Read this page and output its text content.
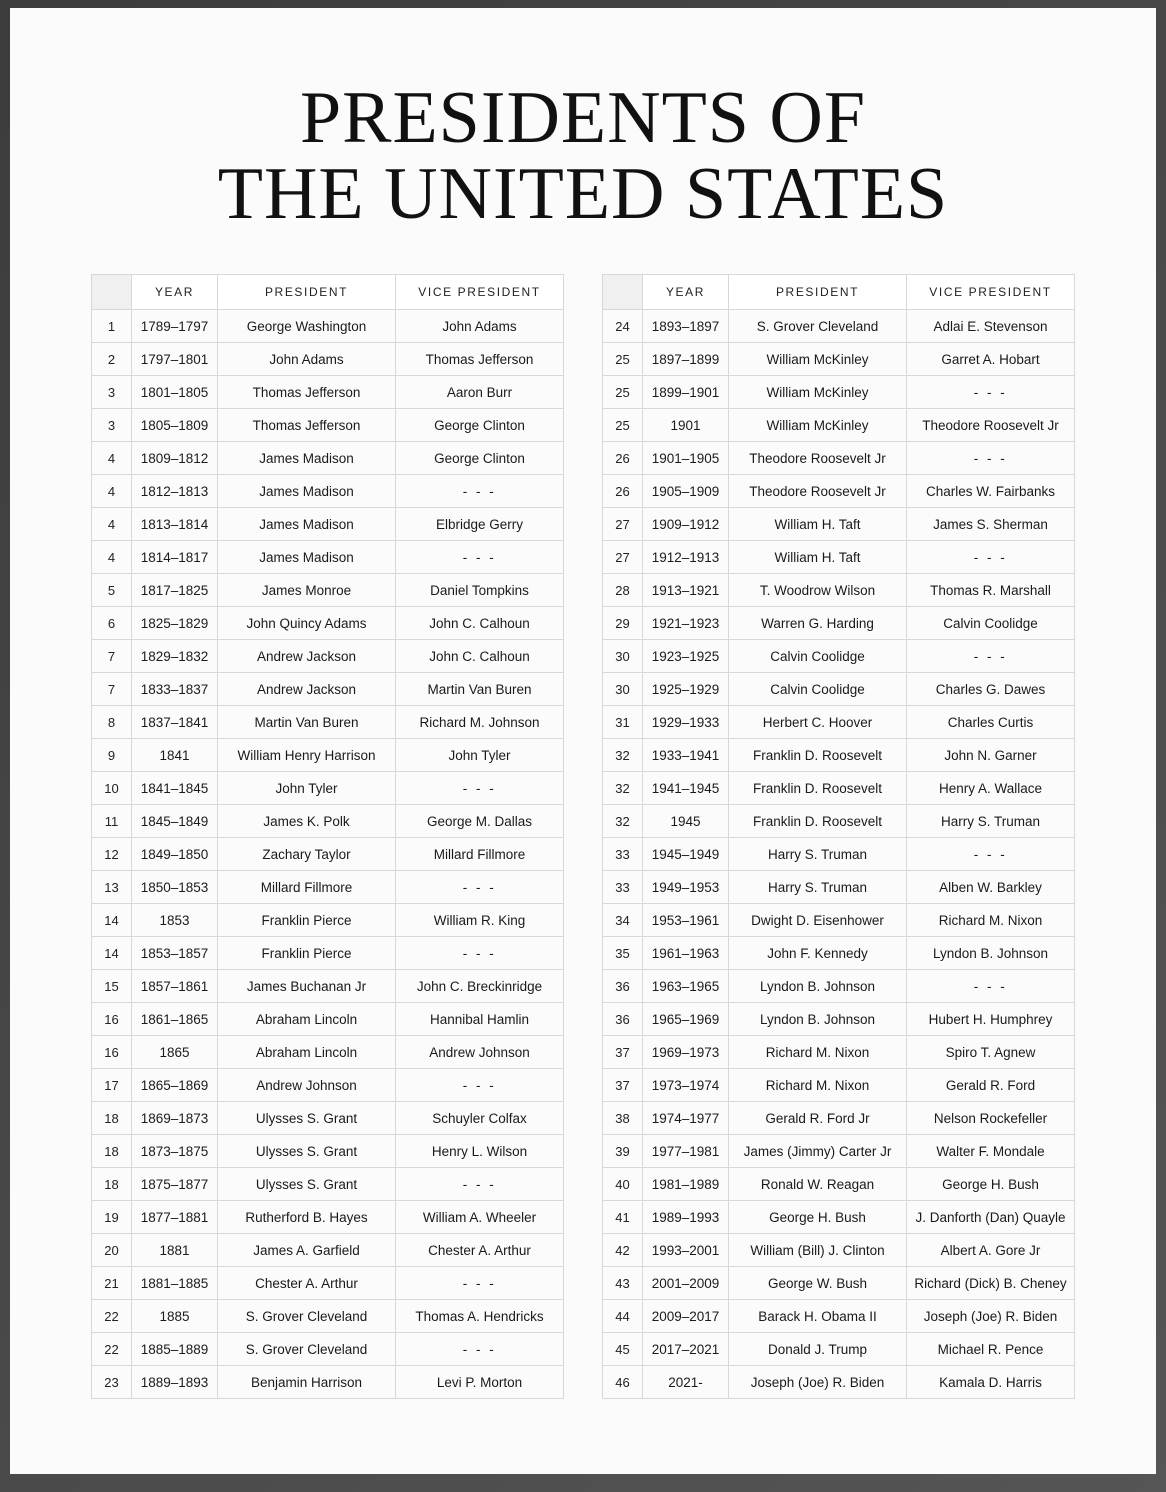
PRESIDENTS OF
THE UNITED STATES
	YEAR	PRESIDENT	VICE PRESIDENT
1	1789–1797	George Washington	John Adams
2	1797–1801	John Adams	Thomas Jefferson
3	1801–1805	Thomas Jefferson	Aaron Burr
3	1805–1809	Thomas Jefferson	George Clinton
4	1809–1812	James Madison	George Clinton
4	1812–1813	James Madison	- - -
4	1813–1814	James Madison	Elbridge Gerry
4	1814–1817	James Madison	- - -
5	1817–1825	James Monroe	Daniel Tompkins
6	1825–1829	John Quincy Adams	John C. Calhoun
7	1829–1832	Andrew Jackson	John C. Calhoun
7	1833–1837	Andrew Jackson	Martin Van Buren
8	1837–1841	Martin Van Buren	Richard M. Johnson
9	1841	William Henry Harrison	John Tyler
10	1841–1845	John Tyler	- - -
11	1845–1849	James K. Polk	George M. Dallas
12	1849–1850	Zachary Taylor	Millard Fillmore
13	1850–1853	Millard Fillmore	- - -
14	1853	Franklin Pierce	William R. King
14	1853–1857	Franklin Pierce	- - -
15	1857–1861	James Buchanan Jr	John C. Breckinridge
16	1861–1865	Abraham Lincoln	Hannibal Hamlin
16	1865	Abraham Lincoln	Andrew Johnson
17	1865–1869	Andrew Johnson	- - -
18	1869–1873	Ulysses S. Grant	Schuyler Colfax
18	1873–1875	Ulysses S. Grant	Henry L. Wilson
18	1875–1877	Ulysses S. Grant	- - -
19	1877–1881	Rutherford B. Hayes	William A. Wheeler
20	1881	James A. Garfield	Chester A. Arthur
21	1881–1885	Chester A. Arthur	- - -
22	1885	S. Grover Cleveland	Thomas A. Hendricks
22	1885–1889	S. Grover Cleveland	- - -
23	1889–1893	Benjamin Harrison	Levi P. Morton
	YEAR	PRESIDENT	VICE PRESIDENT
24	1893–1897	S. Grover Cleveland	Adlai E. Stevenson
25	1897–1899	William McKinley	Garret A. Hobart
25	1899–1901	William McKinley	- - -
25	1901	William McKinley	Theodore Roosevelt Jr
26	1901–1905	Theodore Roosevelt Jr	- - -
26	1905–1909	Theodore Roosevelt Jr	Charles W. Fairbanks
27	1909–1912	William H. Taft	James S. Sherman
27	1912–1913	William H. Taft	- - -
28	1913–1921	T. Woodrow Wilson	Thomas R. Marshall
29	1921–1923	Warren G. Harding	Calvin Coolidge
30	1923–1925	Calvin Coolidge	- - -
30	1925–1929	Calvin Coolidge	Charles G. Dawes
31	1929–1933	Herbert C. Hoover	Charles Curtis
32	1933–1941	Franklin D. Roosevelt	John N. Garner
32	1941–1945	Franklin D. Roosevelt	Henry A. Wallace
32	1945	Franklin D. Roosevelt	Harry S. Truman
33	1945–1949	Harry S. Truman	- - -
33	1949–1953	Harry S. Truman	Alben W. Barkley
34	1953–1961	Dwight D. Eisenhower	Richard M. Nixon
35	1961–1963	John F. Kennedy	Lyndon B. Johnson
36	1963–1965	Lyndon B. Johnson	- - -
36	1965–1969	Lyndon B. Johnson	Hubert H. Humphrey
37	1969–1973	Richard M. Nixon	Spiro T. Agnew
37	1973–1974	Richard M. Nixon	Gerald R. Ford
38	1974–1977	Gerald R. Ford Jr	Nelson Rockefeller
39	1977–1981	James (Jimmy) Carter Jr	Walter F. Mondale
40	1981–1989	Ronald W. Reagan	George H. Bush
41	1989–1993	George H. Bush	J. Danforth (Dan) Quayle
42	1993–2001	William (Bill) J. Clinton	Albert A. Gore Jr
43	2001–2009	George W. Bush	Richard (Dick) B. Cheney
44	2009–2017	Barack H. Obama II	Joseph (Joe) R. Biden
45	2017–2021	Donald J. Trump	Michael R. Pence
46	2021-	Joseph (Joe) R. Biden	Kamala D. Harris
